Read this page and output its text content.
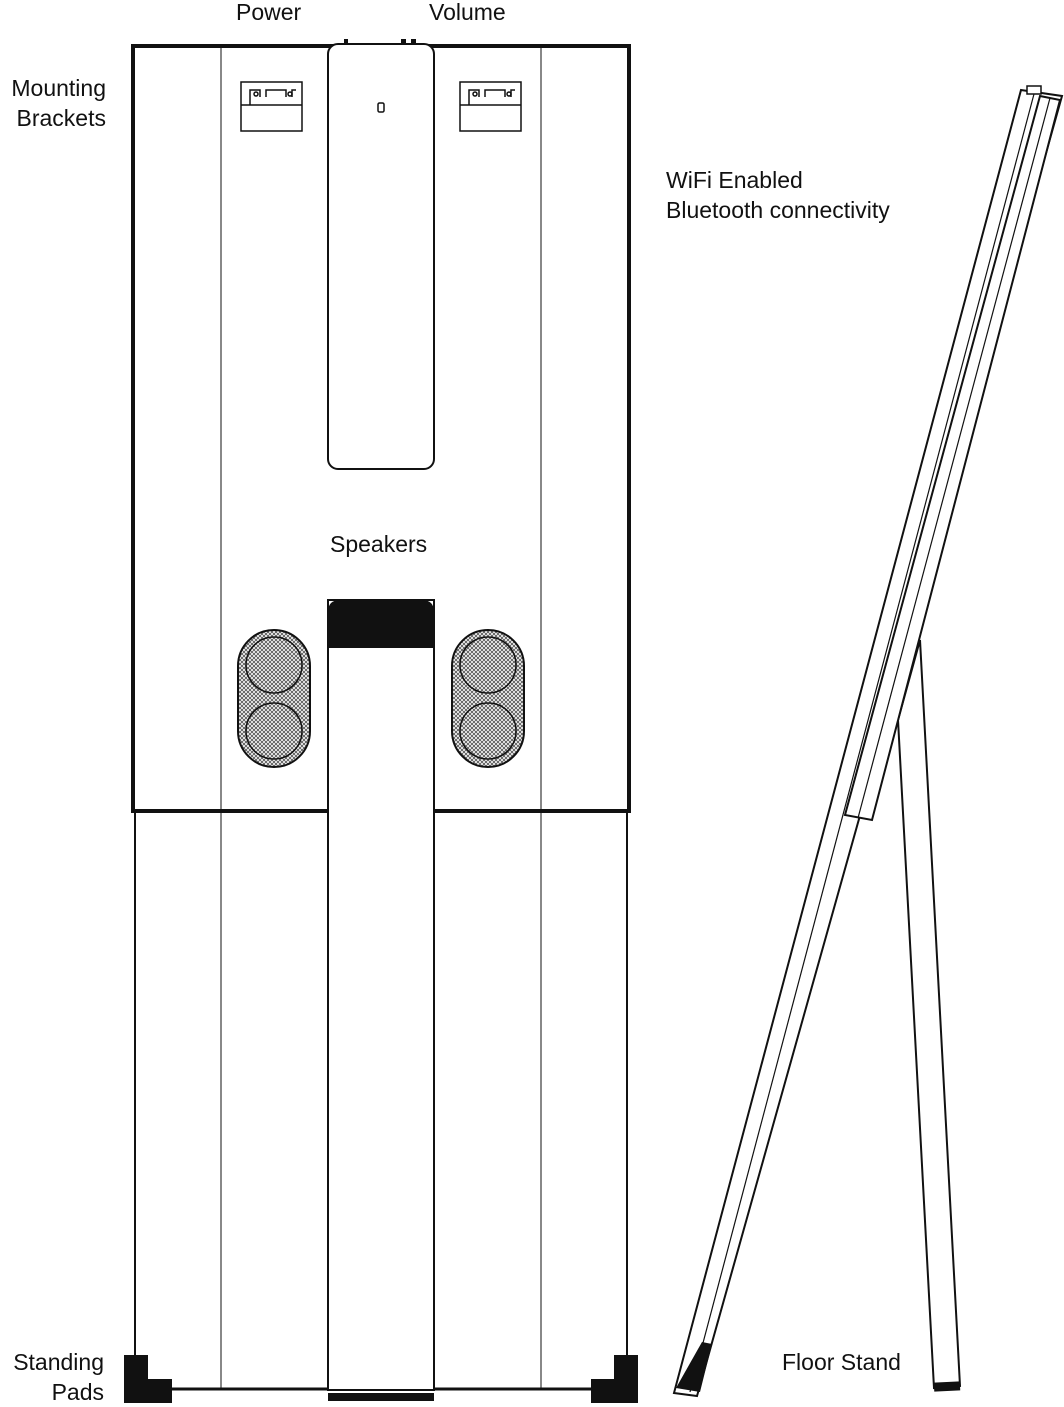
Power	Volume
Mounting
Brackets
WiFi Enabled
Bluetooth connectivity
Speakers
Standing
Pads
Floor Stand
